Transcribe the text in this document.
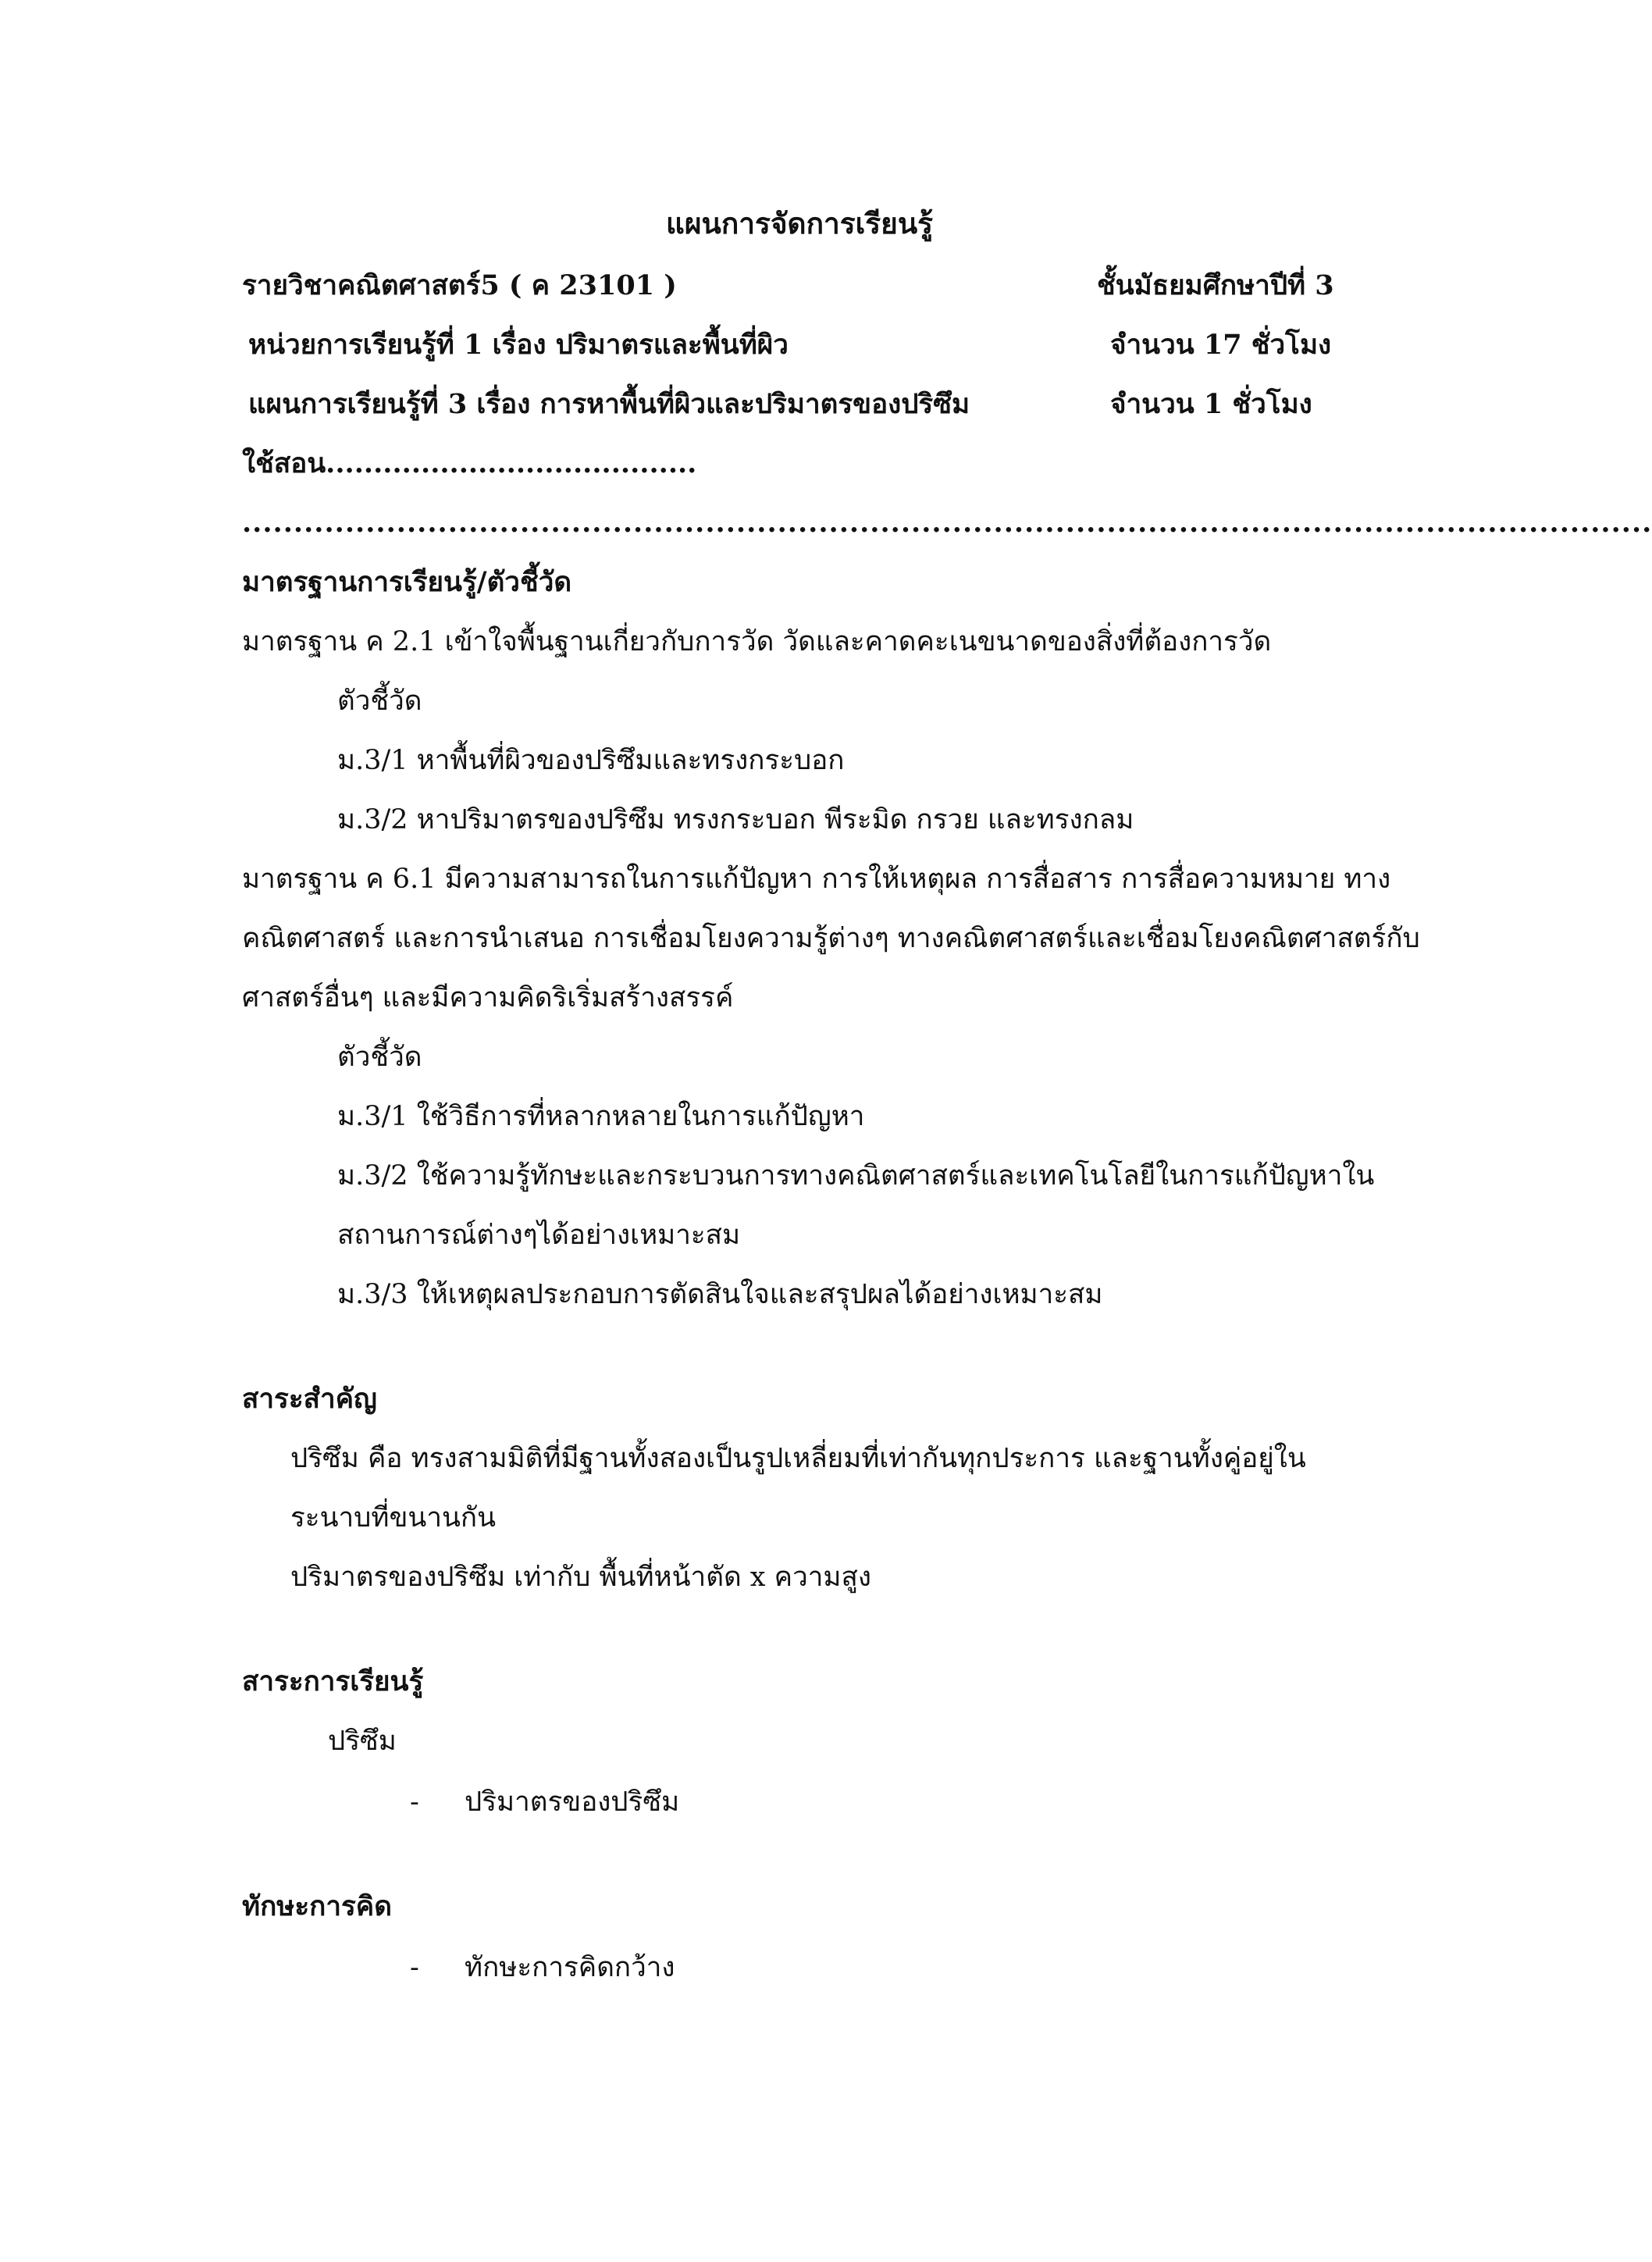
แผนการจัดการเรียนรู้
รายวิชาคณิตศาสตร์5 ( ค 23101 )	ชั้นมัธยมศึกษาปีที่ 3
หน่วยการเรียนรู้ที่ 1 เรื่อง ปริมาตรและพื้นที่ผิว	จำนวน 17 ชั่วโมง
แผนการเรียนรู้ที่ 3 เรื่อง การหาพื้นที่ผิวและปริมาตรของปริซึม	จำนวน 1 ชั่วโมง
ใช้สอน.......................................
.........................................................................................................................................
มาตรฐานการเรียนรู้/ตัวชี้วัด
มาตรฐาน ค 2.1 เข้าใจพื้นฐานเกี่ยวกับการวัด วัดและคาดคะเนขนาดของสิ่งที่ต้องการวัด
ตัวชี้วัด
ม.3/1 หาพื้นที่ผิวของปริซึมและทรงกระบอก
ม.3/2 หาปริมาตรของปริซึม ทรงกระบอก พีระมิด กรวย และทรงกลม
มาตรฐาน ค 6.1 มีความสามารถในการแก้ปัญหา การให้เหตุผล การสื่อสาร การสื่อความหมาย ทาง
คณิตศาสตร์ และการนำเสนอ การเชื่อมโยงความรู้ต่างๆ ทางคณิตศาสตร์และเชื่อมโยงคณิตศาสตร์กับ
ศาสตร์อื่นๆ และมีความคิดริเริ่มสร้างสรรค์
ตัวชี้วัด
ม.3/1 ใช้วิธีการที่หลากหลายในการแก้ปัญหา
ม.3/2 ใช้ความรู้ทักษะและกระบวนการทางคณิตศาสตร์และเทคโนโลยีในการแก้ปัญหาใน
สถานการณ์ต่างๆได้อย่างเหมาะสม
ม.3/3 ให้เหตุผลประกอบการตัดสินใจและสรุปผลได้อย่างเหมาะสม
สาระสำคัญ
ปริซึม คือ ทรงสามมิติที่มีฐานทั้งสองเป็นรูปเหลี่ยมที่เท่ากันทุกประการ และฐานทั้งคู่อยู่ใน
ระนาบที่ขนานกัน
ปริมาตรของปริซึม เท่ากับ พื้นที่หน้าตัด x ความสูง
สาระการเรียนรู้
ปริซึม
- ปริมาตรของปริซึม
ทักษะการคิด
- ทักษะการคิดกว้าง
